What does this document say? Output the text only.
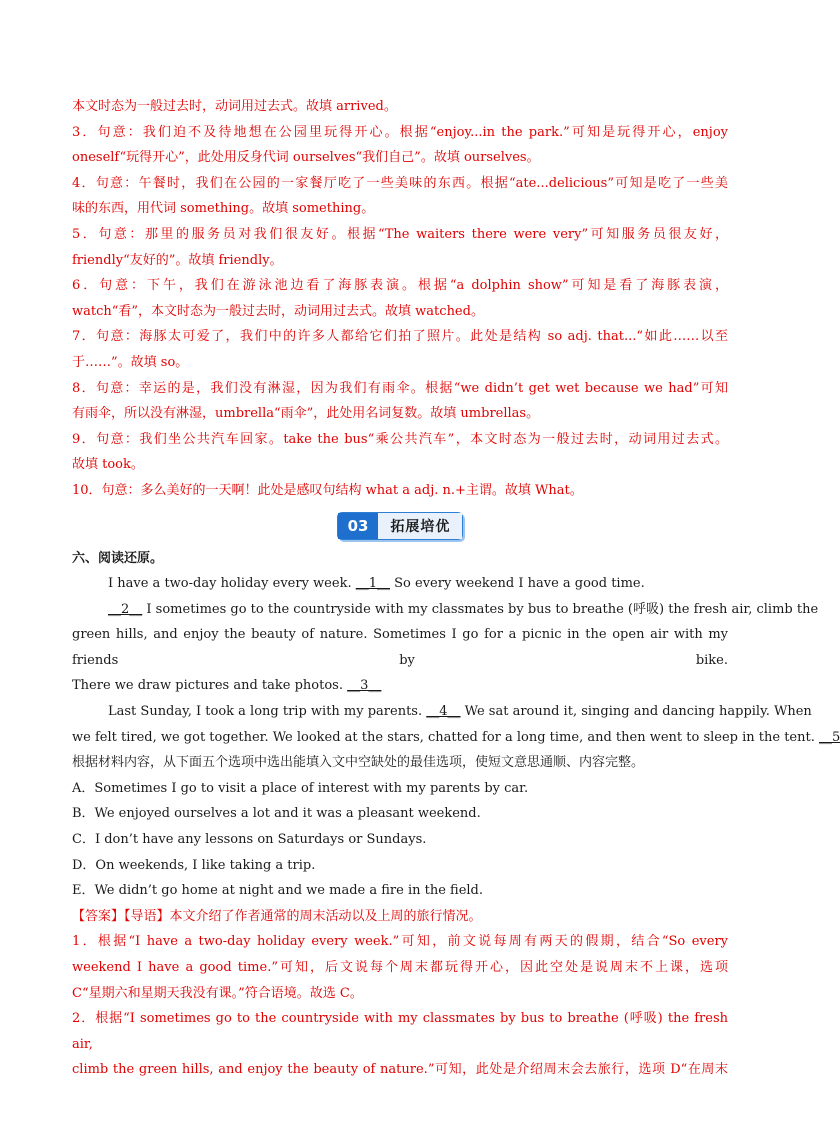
本文时态为一般过去时，动词用过去式。故填 arrived。
3．句意：我们迫不及待地想在公园里玩得开心。根据“enjoy...in the park.”可知是玩得开心，enjoy
oneself“玩得开心”，此处用反身代词 ourselves“我们自己”。故填 ourselves。
4．句意：午餐时，我们在公园的一家餐厅吃了一些美味的东西。根据“ate...delicious”可知是吃了一些美
味的东西，用代词 something。故填 something。
5．句意：那里的服务员对我们很友好。根据“The waiters there were very”可知服务员很友好，
friendly“友好的”。故填 friendly。
6．句意：下午，我们在游泳池边看了海豚表演。根据“a dolphin show”可知是看了海豚表演，
watch“看”，本文时态为一般过去时，动词用过去式。故填 watched。
7．句意：海豚太可爱了，我们中的许多人都给它们拍了照片。此处是结构 so adj. that...“如此……以至
于……”。故填 so。
8．句意：幸运的是，我们没有淋湿，因为我们有雨伞。根据“we didn’t get wet because we had”可知
有雨伞，所以没有淋湿，umbrella“雨伞”，此处用名词复数。故填 umbrellas。
9．句意：我们坐公共汽车回家。take the bus“乘公共汽车”，本文时态为一般过去时，动词用过去式。
故填 took。
10．句意：多么美好的一天啊！此处是感叹句结构 what a adj. n.+主谓。故填 What。
03	拓展培优
六、阅读还原。
I have a two-day holiday every week. __1__ So every weekend I have a good time.
__2__ I sometimes go to the countryside with my classmates by bus to breathe (呼吸) the fresh air, climb the
green hills, and enjoy the beauty of nature. Sometimes I go for a picnic in the open air with my friends by bike.
There we draw pictures and take photos. __3__
Last Sunday, I took a long trip with my parents. __4__ We sat around it, singing and dancing happily. When
we felt tired, we got together. We looked at the stars, chatted for a long time, and then went to sleep in the tent. __5
根据材料内容，从下面五个选项中选出能填入文中空缺处的最佳选项，使短文意思通顺、内容完整。
A．Sometimes I go to visit a place of interest with my parents by car.
B．We enjoyed ourselves a lot and it was a pleasant weekend.
C．I don’t have any lessons on Saturdays or Sundays.
D．On weekends, I like taking a trip.
E．We didn’t go home at night and we made a fire in the field.
【答案】【导语】本文介绍了作者通常的周末活动以及上周的旅行情况。
1．根据“I have a two-day holiday every week.”可知，前文说每周有两天的假期，结合“So every
weekend I have a good time.”可知，后文说每个周末都玩得开心，因此空处是说周末不上课，选项
C“星期六和星期天我没有课。”符合语境。故选 C。
2．根据“I sometimes go to the countryside with my classmates by bus to breathe (呼吸) the fresh air,
climb the green hills, and enjoy the beauty of nature.”可知，此处是介绍周末会去旅行，选项 D“在周末
